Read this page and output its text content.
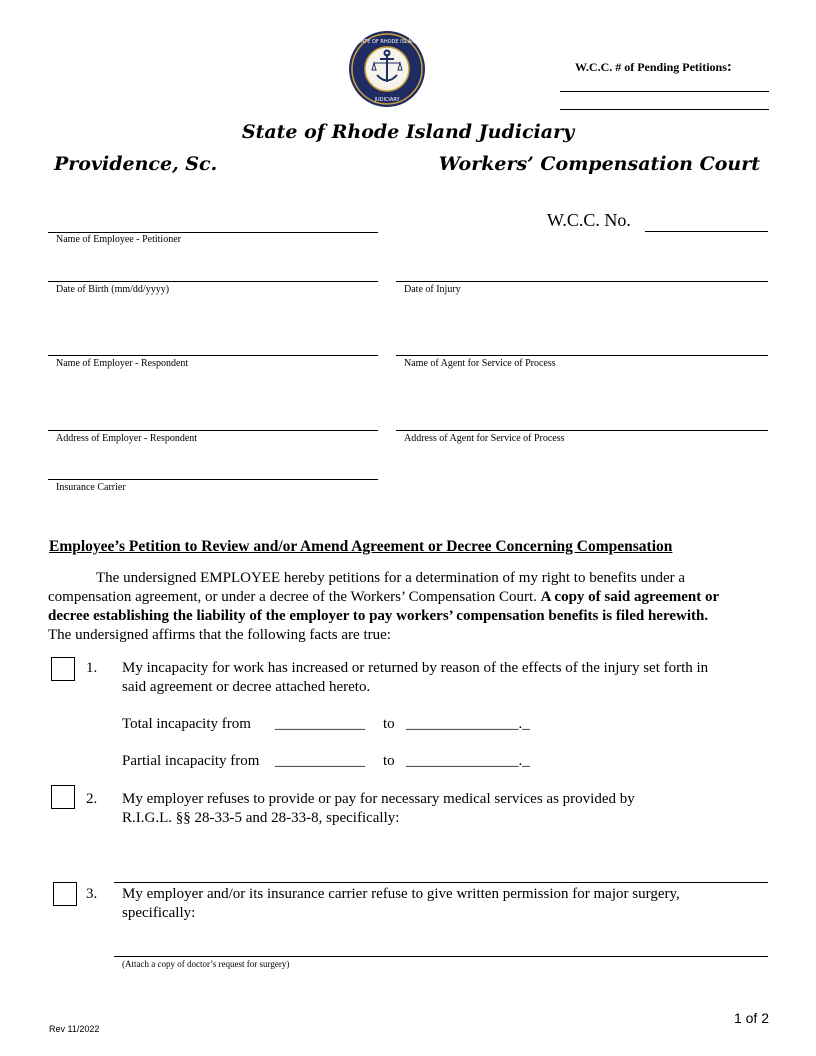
STATE OF RHODE ISLAND
JUDICIARY
W.C.C. # of Pending Petitions:
State of Rhode Island Judiciary
Providence, Sc.	Workers’ Compensation Court
W.C.C. No.
Name of Employee - Petitioner
Date of Birth (mm/dd/yyyy)	Date of Injury
Name of Employer - Respondent	Name of Agent for Service of Process
Address of Employer - Respondent	Address of Agent for Service of Process
Insurance Carrier
Employee’s Petition to Review and/or Amend Agreement or Decree Concerning Compensation
The undersigned EMPLOYEE hereby petitions for a determination of my right to benefits under a
compensation agreement, or under a decree of the Workers’ Compensation Court. A copy of said agreement or
decree establishing the liability of the employer to pay workers’ compensation benefits is filed herewith.
The undersigned affirms that the following facts are true:
1. My incapacity for work has increased or returned by reason of the effects of the injury set forth in
said agreement or decree attached hereto.
Total incapacity from ____________ to _______________._
Partial incapacity from ____________ to _______________._
2. My employer refuses to provide or pay for necessary medical services as provided by
R.I.G.L. §§ 28-33-5 and 28-33-8, specifically:
3. My employer and/or its insurance carrier refuse to give written permission for major surgery,
specifically:
(Attach a copy of doctor’s request for surgery)
1 of 2
Rev 11/2022
